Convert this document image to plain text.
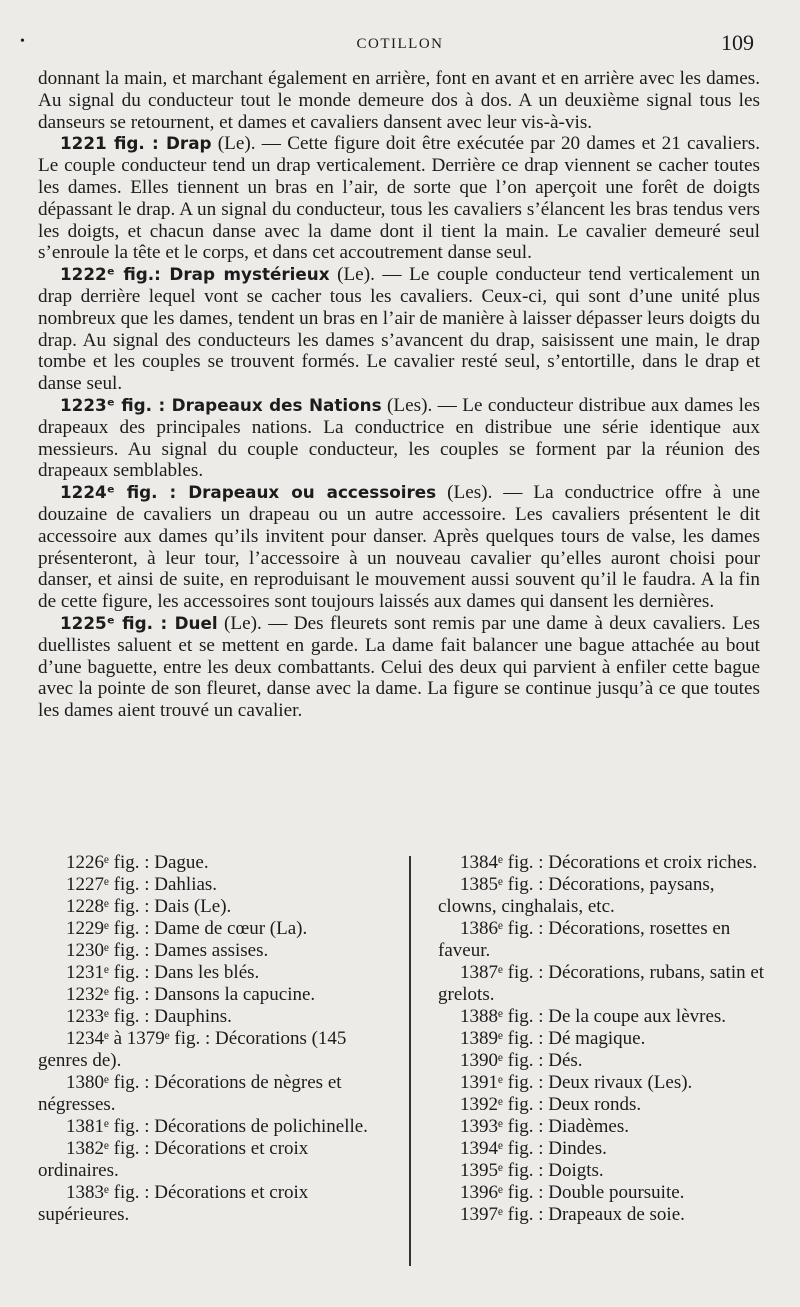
•	COTILLON	109

donnant la main, et marchant également en arrière, font en avant et en arrière avec les dames. Au signal du conducteur tout le monde demeure dos à dos. A un deuxième signal tous les danseurs se retournent, et dames et cavaliers dansent avec leur vis-à-vis.

1221 fig. : Drap (Le). — Cette figure doit être exécutée par 20 dames et 21 cavaliers. Le couple conducteur tend un drap verticalement. Derrière ce drap viennent se cacher toutes les dames. Elles tiennent un bras en l’air, de sorte que l’on aperçoit une forêt de doigts dépassant le drap. A un signal du conducteur, tous les cavaliers s’élancent les bras tendus vers les doigts, et chacun danse avec la dame dont il tient la main. Le cavalier demeuré seul s’enroule la tête et le corps, et dans cet accoutrement danse seul.

1222ᵉ fig.: Drap mystérieux (Le). — Le couple conducteur tend verticalement un drap derrière lequel vont se cacher tous les cavaliers. Ceux-ci, qui sont d’une unité plus nombreux que les dames, tendent un bras en l’air de manière à laisser dépasser leurs doigts du drap. Au signal des conducteurs les dames s’avancent du drap, saisissent une main, le drap tombe et les couples se trouvent formés. Le cavalier resté seul, s’entortille, dans le drap et danse seul.

1223ᵉ fig. : Drapeaux des Nations (Les). — Le conducteur distribue aux dames les drapeaux des principales nations. La conductrice en distribue une série identique aux messieurs. Au signal du couple conducteur, les couples se forment par la réunion des drapeaux semblables.

1224ᵉ fig. : Drapeaux ou accessoires (Les). — La conductrice offre à une douzaine de cavaliers un drapeau ou un autre accessoire. Les cavaliers présentent le dit accessoire aux dames qu’ils invitent pour danser. Après quelques tours de valse, les dames présenteront, à leur tour, l’accessoire à un nouveau cavalier qu’elles auront choisi pour danser, et ainsi de suite, en reproduisant le mouvement aussi souvent qu’il le faudra. A la fin de cette figure, les accessoires sont toujours laissés aux dames qui dansent les dernières.

1225ᵉ fig. : Duel (Le). — Des fleurets sont remis par une dame à deux cavaliers. Les duellistes saluent et se mettent en garde. La dame fait balancer une bague attachée au bout d’une baguette, entre les deux combattants. Celui des deux qui parvient à enfiler cette bague avec la pointe de son fleuret, danse avec la dame. La figure se continue jusqu’à ce que toutes les dames aient trouvé un cavalier.

1226ᵉ fig. : Dague.

1227ᵉ fig. : Dahlias.

1228ᵉ fig. : Dais (Le).

1229ᵉ fig. : Dame de cœur (La).

1230ᵉ fig. : Dames assises.

1231ᵉ fig. : Dans les blés.

1232ᵉ fig. : Dansons la capucine.

1233ᵉ fig. : Dauphins.

1234ᵉ à 1379ᵉ fig. : Décorations (145 genres de).

1380ᵉ fig. : Décorations de nègres et négresses.

1381ᵉ fig. : Décorations de polichinelle.

1382ᵉ fig. : Décorations et croix ordinaires.

1383ᵉ fig. : Décorations et croix supérieures.

1384ᵉ fig. : Décorations et croix riches.

1385ᵉ fig. : Décorations, paysans, clowns, cinghalais, etc.

1386ᵉ fig. : Décorations, rosettes en faveur.

1387ᵉ fig. : Décorations, rubans, satin et grelots.

1388ᵉ fig. : De la coupe aux lèvres.

1389ᵉ fig. : Dé magique.

1390ᵉ fig. : Dés.

1391ᵉ fig. : Deux rivaux (Les).

1392ᵉ fig. : Deux ronds.

1393ᵉ fig. : Diadèmes.

1394ᵉ fig. : Dindes.

1395ᵉ fig. : Doigts.

1396ᵉ fig. : Double poursuite.

1397ᵉ fig. : Drapeaux de soie.
